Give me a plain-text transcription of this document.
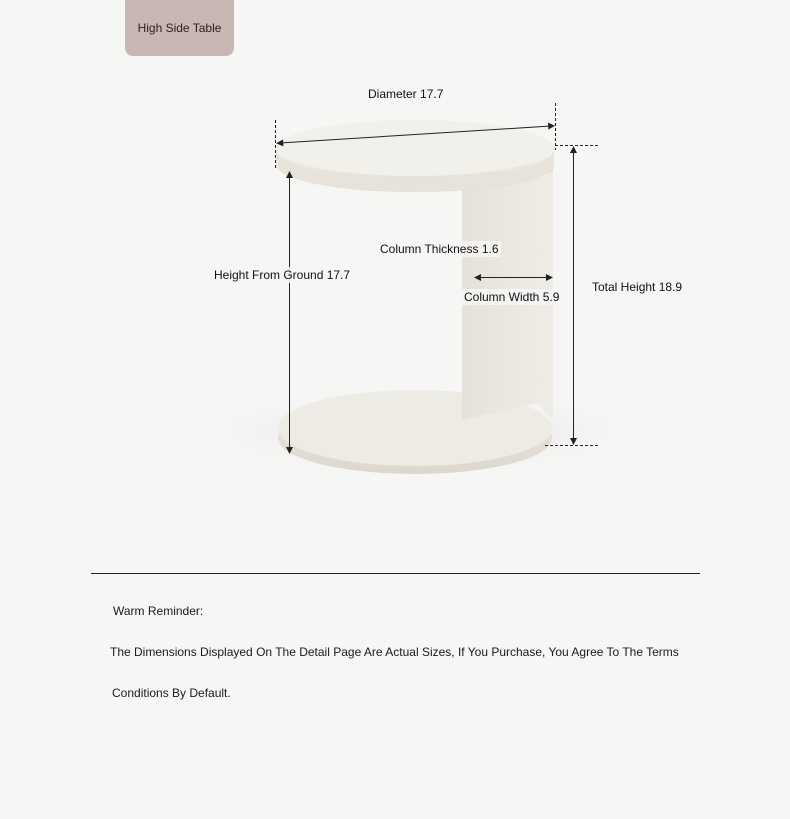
High Side Table
Diameter 17.7
Column Thickness 1.6
Height From Ground 17.7
Column Width 5.9
Total Height 18.9
Warm Reminder:
The Dimensions Displayed On The Detail Page Are Actual Sizes, If You Purchase, You Agree To The Terms
Conditions By Default.
